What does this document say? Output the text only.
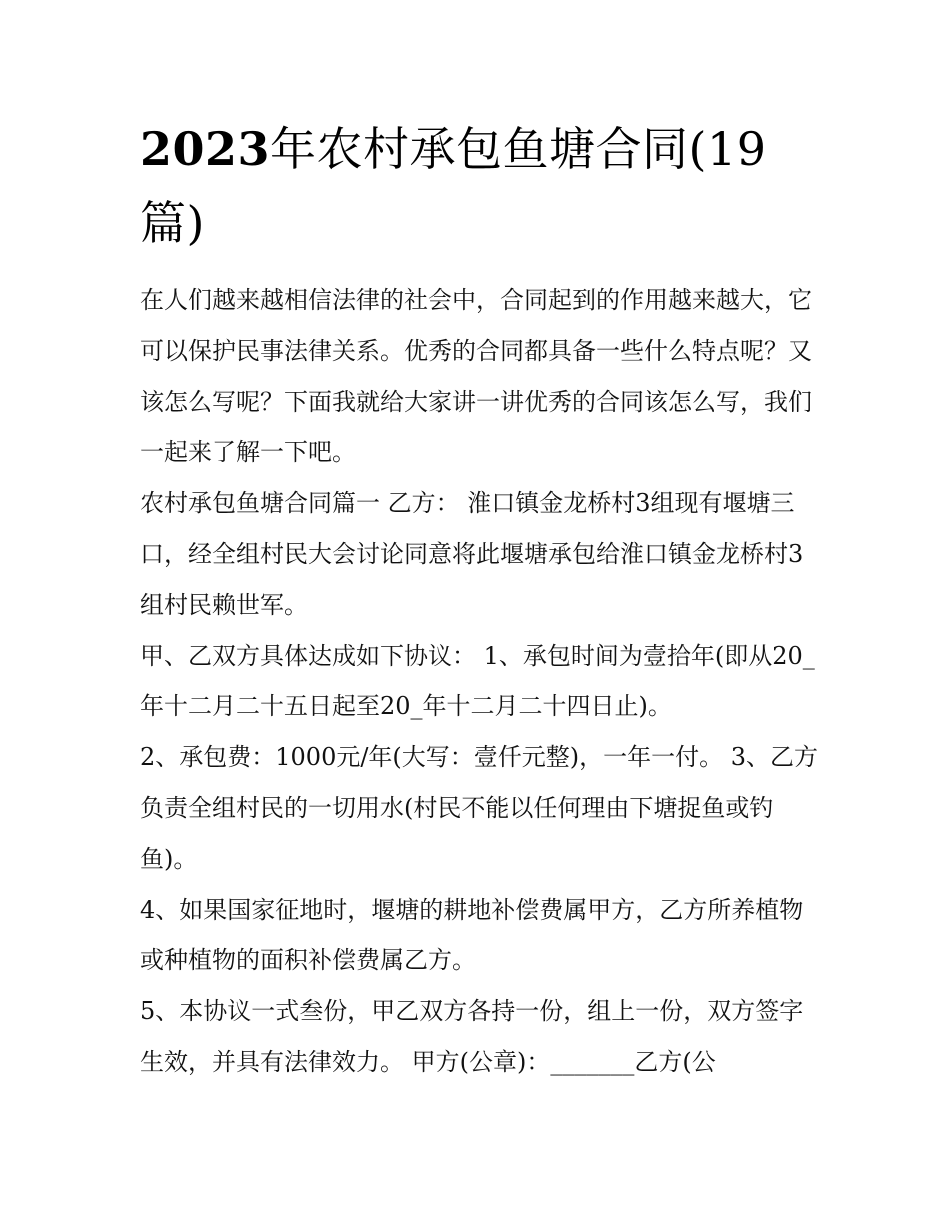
2023年农村承包鱼塘合同(19篇)

在人们越来越相信法律的社会中，合同起到的作用越来越大，它可以保护民事法律关系。优秀的合同都具备一些什么特点呢？又该怎么写呢？下面我就给大家讲一讲优秀的合同该怎么写，我们一起来了解一下吧。

农村承包鱼塘合同篇一 乙方： 淮口镇金龙桥村3组现有堰塘三口，经全组村民大会讨论同意将此堰塘承包给淮口镇金龙桥村3组村民赖世军。

甲、乙双方具体达成如下协议： 1、承包时间为壹拾年(即从20_年十二月二十五日起至20_年十二月二十四日止)。

2、承包费：1000元/年(大写：壹仟元整)，一年一付。 3、乙方负责全组村民的一切用水(村民不能以任何理由下塘捉鱼或钓鱼)。

4、如果国家征地时，堰塘的耕地补偿费属甲方，乙方所养植物或种植物的面积补偿费属乙方。

5、本协议一式叁份，甲乙双方各持一份，组上一份，双方签字生效，并具有法律效力。 甲方(公章)：_______乙方(公
